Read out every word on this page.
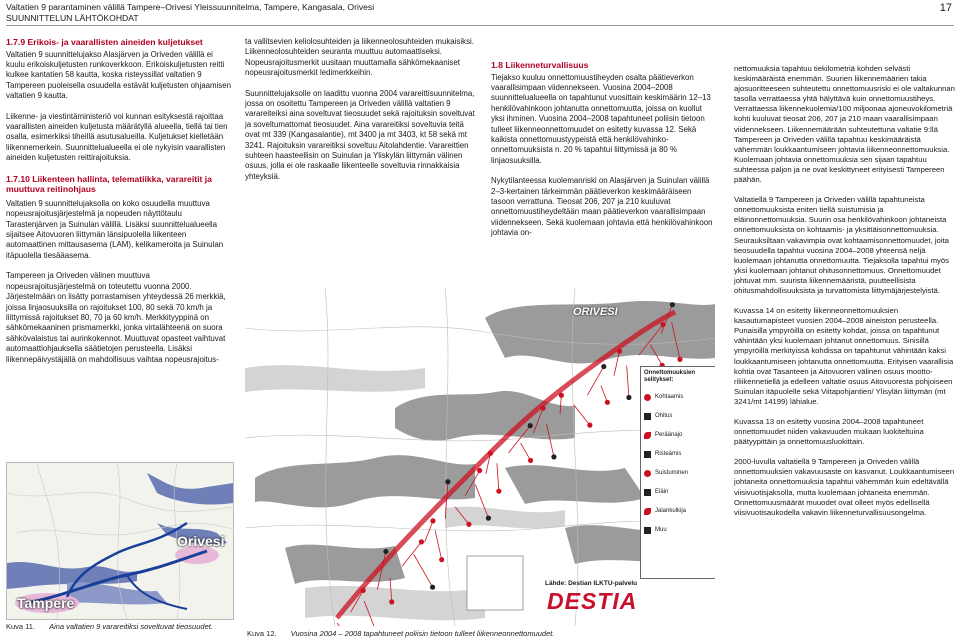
Valtatien 9 parantaminen välillä Tampere–Orivesi Yleissuunnitelma, Tampere, Kangasala, Orivesi
SUUNNITTELUN LÄHTÖKOHDAT
17
1.7.9 Erikois- ja vaarallisten aineiden kuljetukset

Valtatien 9 suunnittelujakso Alasjärven ja Oriveden välillä ei kuulu erikoiskuljetusten runkoverkkoon. Erikoiskuljetusten reitti kulkee kantatien 58 kautta, koska risteyssillat valtatien 9 Tampereen puoleisella osuudella estävät kuljetusten ohjaamisen valtatien 9 kautta.

Liikenne- ja viestintäministeriö voi kunnan esityksestä rajoittaa vaarallisten aineiden kuljetusta määrätyllä alueella, tiellä tai tien osalla, esimerkiksi tiheillä asutusalueilla. Kuljetukset kielletään liikennemerkein. Suunnittelualueella ei ole nykyisin vaarallisten aineiden kuljetusten reittirajoituksia.

1.7.10 Liikenteen hallinta, telematiikka, varareitit ja muuttuva reitinohjaus

Valtatien 9 suunnittelujaksolla on koko osuudella muuttuva nopeusrajoitusjärjestelmä ja nopeuden näyttötaulu Tarastenjärven ja Suinulan välillä. Lisäksi suunnittelualueella sijaitsee Aitovuoren liittymän länsipuolella liikenteen automaattinen mittausasema (LAM), kelikameroita ja Suinulan itäpuolella tiesääasema.

Tampereen ja Oriveden välinen muuttuva nopeusrajoitusjärjestelmä on toteutettu vuonna 2000. Järjestelmään on lisätty porrastamisen yhteydessä 26 merkkiä, joissa linjaosuuksilla on rajoitukset 100, 80 sekä 70 km/h ja liittymissä rajoitukset 80, 70 ja 60 km/h. Merkkityyppinä on sähkömekaaninen prismamerkki, jonka virtalähteenä on suora sähkövalaistus tai aurinkokennot. Muuttuvat opasteet vaihtuvat automaattiohjauksella säätietojen perusteella. Lisäksi liikennepäivystäjällä on mahdollisuus vaihtaa nopeusrajoitus-

ta vallitsevien keliolosuhteiden ja liikenneolosuhteiden mukaisiksi. Liikenneolosuhteiden seuranta muuttuu automaattiseksi. Nopeusrajoitusmerkit uusitaan muuttamalla sähkömekaaniset nopeusrajoitusmerkit ledimerkkeihin.

Suunnittelujaksolle on laadittu vuonna 2004 varareittisuunnitelma, jossa on osoitettu Tampereen ja Oriveden välillä valtatien 9 varareiteiksi aina soveltuvat tieosuudet sekä rajoituksin soveltuvat ja soveltumattomat tieosuudet. Aina varareitiksi soveltuvia teitä ovat mt 339 (Kangasalantie), mt 3400 ja mt 3403, kt 58 sekä mt 3241. Rajoituksin varareitiksi soveltuu Aitolahdentie. Varareittien suhteen haasteellisin on Suinulan ja Yliskylän liittymän välinen osuus, jolla ei ole raskaalle liikenteelle soveltuvia rinnakkaisia yhteyksiä.

1.8 Liikenneturvallisuus

Tiejakso kuuluu onnettomuustiheyden osalta päätieverkon vaarallisimpaan viidennekseen. Vuosina 2004–2008 suunnittelualueella on tapahtunut vuosittain keskimäärin 12–13 henkilövahinkoon johtanutta onnettomuutta, joissa on kuollut yksi ihminen. Vuosina 2004–2008 tapahtuneet poliisin tietoon tulleet liikenneonnettomuudet on esitetty kuvassa 12. Sekä kaikista onnettomuustyypeistä että henkilövahinko-onnettomuuksista n. 20 % tapahtui liittymissä ja 80 % linjaosuuksilla.

Nykytilanteessa kuolemanriski on Alasjärven ja Suinulan välillä 2–3-kertainen tärkeimmän päätieverkon keskimääräiseen tasoon verrattuna. Tieosat 206, 207 ja 210 kuuluvat onnettomuustiheydeltään maan päätieverkon vaarallisimpaan viidennekseen. Sekä kuolemaan johtavia että henkilövahinkoon johtavia on-

nettomuuksia tapahtuu tiekilometriä kohden selvästi keskimääräistä enemmän. Suurien liikennemäärien takia ajosuoritteeseen suhteutettu onnettomuusriski ei ole valtakunnan tasolla verrattaessa yhtä hälyttävä kuin onnettomuustiheys. Verrattaessa liikennekuolemia/100 miljoonaa ajoneuvokilometriä kohti kuuluvat tieosat 206, 207 ja 210 maan vaarallisimpaan viidennekseen. Liikennemäärään suhteutettuna valtatie 9:llä Tampereen ja Oriveden välillä tapahtuu keskimääräistä vähemmän loukkaantumiseen johtavia liikenneonnettomuuksia. Kuolemaan johtavia onnettomuuksia sen sijaan tapahtuu suhteessa paljon ja ne ovat keskittyneet erityisesti Tampereen päähän.

Valtatiellä 9 Tampereen ja Oriveden välillä tapahtuneista onnettomuuksista eniten tiellä suistumisia ja eläinonnettomuuksia. Suurin osa henkilövahinkoon johtaneista onnettomuuksista on kohtaamis- ja yksittäisonnettomuuksia. Seurauksiltaan vakavimpia ovat kohtaamisonnettomuudet, joita tieosuudella tapahtui vuosina 2004–2008 yhteensä neljä kuolemaan johtanutta onnettomuutta. Tiejaksolla tapahtui myös yksi kuolemaan johtanut ohitusonnettomuus. Onnettomuudet johtuvat mm. suurista liikennemääristä, puutteellisista ohitusmahdollisuuksista ja turvattomista liittymäjärjestelyistä.

Kuvassa 14 on esitetty liikenneonnettomuuksien kasautumapisteet vuosien 2004–2008 aineiston perusteella. Punaisilla ympyröillä on esitetty kohdat, joissa on tapahtunut vähintään yksi kuolemaan johtanut onnettomuus. Sinisillä ympyröillä merkityissä kohdissa on tapahtunut vähintään kaksi loukkaantumiseen johtanutta onnettomuutta. Erityisen vaarallisia kohtia ovat Tasanteen ja Aitovuoren välinen osuus moottoriliikennetiellä ja edelleen valtatie osuus Aitovuoresta pohjoiseen Suinulan itäpuolelle sekä Viitapohjantien/ Ylisylän liittymän (mt 3241/mt 14199) lähialue.

Kuvassa 13 on esitetty vuosina 2004–2008 tapahtuneet onnettomuudet niiden vakavuuden mukaan luokiteltuina päätyypittäin ja onnettomuusluokittain.

2000-luvulla valtatiellä 9 Tampereen ja Oriveden välillä onnettomuuksien vakavuusaste on kasvanut. Loukkaantumiseen johtaneita onnettomuuksia tapahtui vähemmän kuin edeltävällä viisivuotisjaksolla, mutta kuolemaan johtaneita enemmän. Onnettomuusmäärät muuodet ovat olleet myös edellisellä viisivuotisaukodella vakavin liikenneturvallisuusongelma.

Orivesi
Tampere
Kuva 11. Aina valtatien 9 varareitiksi soveltuvat tieosuudet.
ORIVESI
Onnettomuuksien selitykset:
Kohtaamis
Ohitus
Peräänajo
Risteämis
Suistuminen
Eläin
Jalankulkija
Muu
Lähde: Destian ILKTU-palvelu
DESTIA
Kuva 12. Vuosina 2004 – 2008 tapahtuneet poliisin tietoon tulleet liikenneonnettomuudet.
